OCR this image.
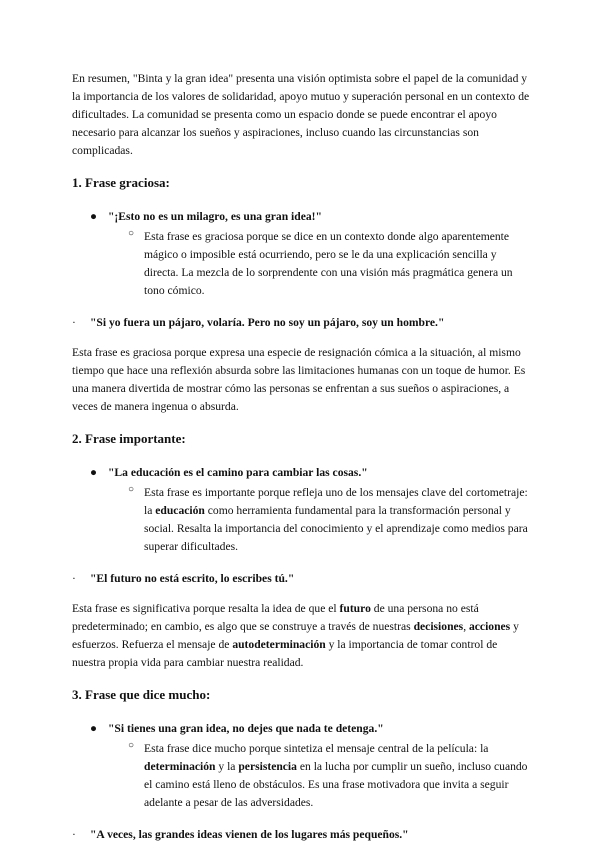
En resumen, "Binta y la gran idea" presenta una visión optimista sobre el papel de la comunidad y la importancia de los valores de solidaridad, apoyo mutuo y superación personal en un contexto de dificultades. La comunidad se presenta como un espacio donde se puede encontrar el apoyo necesario para alcanzar los sueños y aspiraciones, incluso cuando las circunstancias son complicadas.

1. Frase graciosa:
● "¡Esto no es un milagro, es una gran idea!"
○ Esta frase es graciosa porque se dice en un contexto donde algo aparentemente mágico o imposible está ocurriendo, pero se le da una explicación sencilla y directa. La mezcla de lo sorprendente con una visión más pragmática genera un tono cómico.

· "Si yo fuera un pájaro, volaría. Pero no soy un pájaro, soy un hombre."

Esta frase es graciosa porque expresa una especie de resignación cómica a la situación, al mismo tiempo que hace una reflexión absurda sobre las limitaciones humanas con un toque de humor. Es una manera divertida de mostrar cómo las personas se enfrentan a sus sueños o aspiraciones, a veces de manera ingenua o absurda.

2. Frase importante:
● "La educación es el camino para cambiar las cosas."
○ Esta frase es importante porque refleja uno de los mensajes clave del cortometraje: la educación como herramienta fundamental para la transformación personal y social. Resalta la importancia del conocimiento y el aprendizaje como medios para superar dificultades.

· "El futuro no está escrito, lo escribes tú."

Esta frase es significativa porque resalta la idea de que el futuro de una persona no está predeterminado; en cambio, es algo que se construye a través de nuestras decisiones, acciones y esfuerzos. Refuerza el mensaje de autodeterminación y la importancia de tomar control de nuestra propia vida para cambiar nuestra realidad.

3. Frase que dice mucho:
● "Si tienes una gran idea, no dejes que nada te detenga."
○ Esta frase dice mucho porque sintetiza el mensaje central de la película: la determinación y la persistencia en la lucha por cumplir un sueño, incluso cuando el camino está lleno de obstáculos. Es una frase motivadora que invita a seguir adelante a pesar de las adversidades.

· "A veces, las grandes ideas vienen de los lugares más pequeños."
